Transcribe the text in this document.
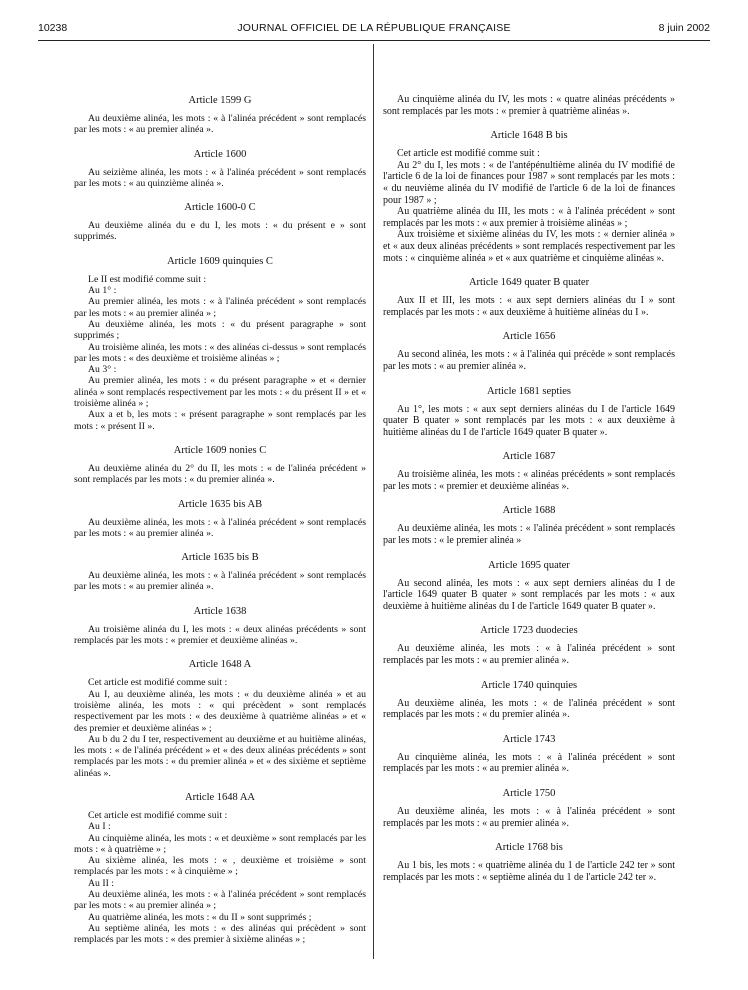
10238	JOURNAL OFFICIEL DE LA RÉPUBLIQUE FRANÇAISE	8 juin 2002
Article 1599 G

Au deuxième alinéa, les mots : « à l'alinéa précédent » sont remplacés par les mots : « au premier alinéa ».

Article 1600

Au seizième alinéa, les mots : « à l'alinéa précédent » sont remplacés par les mots : « au quinzième alinéa ».

Article 1600-0 C

Au deuxième alinéa du e du I, les mots : « du présent e » sont supprimés.

Article 1609 quinquies C

Le II est modifié comme suit :

Au 1° :

Au premier alinéa, les mots : « à l'alinéa précédent » sont remplacés par les mots : « au premier alinéa » ;

Au deuxième alinéa, les mots : « du présent paragraphe » sont supprimés ;

Au troisième alinéa, les mots : « des alinéas ci-dessus » sont remplacés par les mots : « des deuxième et troisième alinéas » ;

Au 3° :

Au premier alinéa, les mots : « du présent paragraphe » et « dernier alinéa » sont remplacés respectivement par les mots : « du présent II » et « troisième alinéa » ;

Aux a et b, les mots : « présent paragraphe » sont remplacés par les mots : « présent II ».

Article 1609 nonies C

Au deuxième alinéa du 2° du II, les mots : « de l'alinéa précédent » sont remplacés par les mots : « du premier alinéa ».

Article 1635 bis AB

Au deuxième alinéa, les mots : « à l'alinéa précédent » sont remplacés par les mots : « au premier alinéa ».

Article 1635 bis B

Au deuxième alinéa, les mots : « à l'alinéa précédent » sont remplacés par les mots : « au premier alinéa ».

Article 1638

Au troisième alinéa du I, les mots : « deux alinéas précédents » sont remplacés par les mots : « premier et deuxième alinéas ».

Article 1648 A

Cet article est modifié comme suit :

Au I, au deuxième alinéa, les mots : « du deuxième alinéa » et au troisième alinéa, les mots : « qui précèdent » sont remplacés respectivement par les mots : « des deuxième à quatrième alinéas » et « des premier et deuxième alinéas » ;

Au b du 2 du I ter, respectivement au deuxième et au huitième alinéas, les mots : « de l'alinéa précédent » et « des deux alinéas précédents » sont remplacés par les mots : « du premier alinéa » et « des sixième et septième alinéas ».

Article 1648 AA

Cet article est modifié comme suit :

Au I :

Au cinquième alinéa, les mots : « et deuxième » sont remplacés par les mots : « à quatrième » ;

Au sixième alinéa, les mots : « , deuxième et troisième » sont remplacés par les mots : « à cinquième » ;

Au II :

Au deuxième alinéa, les mots : « à l'alinéa précédent » sont remplacés par les mots : « au premier alinéa » ;

Au quatrième alinéa, les mots : « du II » sont supprimés ;

Au septième alinéa, les mots : « des alinéas qui précèdent » sont remplacés par les mots : « des premier à sixième alinéas » ;

Au cinquième alinéa du IV, les mots : « quatre alinéas précédents » sont remplacés par les mots : « premier à quatrième alinéas ».

Article 1648 B bis

Cet article est modifié comme suit :

Au 2° du I, les mots : « de l'antépénultième alinéa du IV modifié de l'article 6 de la loi de finances pour 1987 » sont remplacés par les mots : « du neuvième alinéa du IV modifié de l'article 6 de la loi de finances pour 1987 » ;

Au quatrième alinéa du III, les mots : « à l'alinéa précédent » sont remplacés par les mots : « aux premier à troisième alinéas » ;

Aux troisième et sixième alinéas du IV, les mots : « dernier alinéa » et « aux deux alinéas précédents » sont remplacés respectivement par les mots : « cinquième alinéa » et « aux quatrième et cinquième alinéas ».

Article 1649 quater B quater

Aux II et III, les mots : « aux sept derniers alinéas du I » sont remplacés par les mots : « aux deuxième à huitième alinéas du I ».

Article 1656

Au second alinéa, les mots : « à l'alinéa qui précède » sont remplacés par les mots : « au premier alinéa ».

Article 1681 septies

Au 1°, les mots : « aux sept derniers alinéas du I de l'article 1649 quater B quater » sont remplacés par les mots : « aux deuxième à huitième alinéas du I de l'article 1649 quater B quater ».

Article 1687

Au troisième alinéa, les mots : « alinéas précédents » sont remplacés par les mots : « premier et deuxième alinéas ».

Article 1688

Au deuxième alinéa, les mots : « l'alinéa précédent » sont remplacés par les mots : « le premier alinéa »

Article 1695 quater

Au second alinéa, les mots : « aux sept derniers alinéas du I de l'article 1649 quater B quater » sont remplacés par les mots : « aux deuxième à huitième alinéas du I de l'article 1649 quater B quater ».

Article 1723 duodecies

Au deuxième alinéa, les mots : « à l'alinéa précédent » sont remplacés par les mots : « au premier alinéa ».

Article 1740 quinquies

Au deuxième alinéa, les mots : « de l'alinéa précédent » sont remplacés par les mots : « du premier alinéa ».

Article 1743

Au cinquième alinéa, les mots : « à l'alinéa précédent » sont remplacés par les mots : « au premier alinéa ».

Article 1750

Au deuxième alinéa, les mots : « à l'alinéa précédent » sont remplacés par les mots : « au premier alinéa ».

Article 1768 bis

Au 1 bis, les mots : « quatrième alinéa du 1 de l'article 242 ter » sont remplacés par les mots : « septième alinéa du 1 de l'article 242 ter ».
